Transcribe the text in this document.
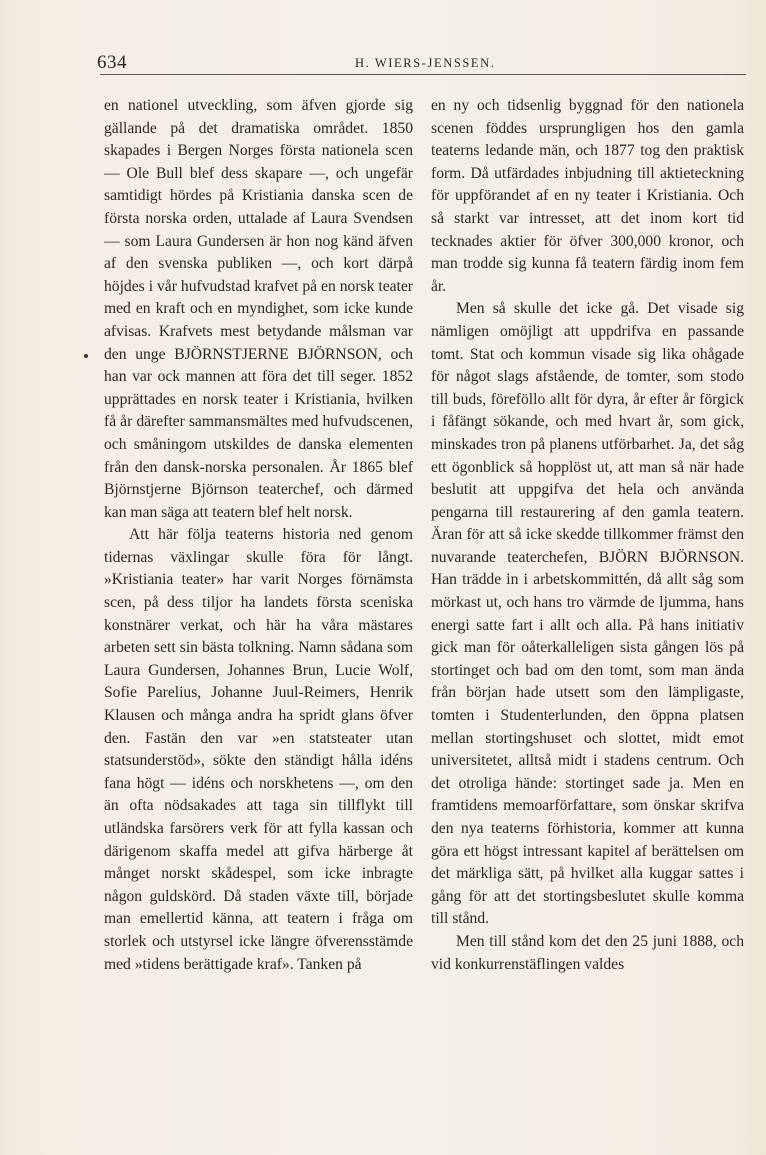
634	H. WIERS-JENSSEN.

en nationel utveckling, som äfven gjorde sig gällande på det dramatiska området. 1850 skapades i Bergen Norges första nationela scen — Ole Bull blef dess skapare —, och ungefär samtidigt hördes på Kristiania danska scen de första norska orden, uttalade af Laura Svendsen — som Laura Gundersen är hon nog känd äfven af den svenska publiken —, och kort därpå höjdes i vår hufvudstad krafvet på en norsk teater med en kraft och en myndighet, som icke kunde afvisas. Krafvets mest betydande målsman var den unge BJÖRNSTJERNE BJÖRNSON, och han var ock mannen att föra det till seger. 1852 upprättades en norsk teater i Kristiania, hvilken få år därefter sammansmältes med hufvudscenen, och småningom utskildes de danska elementen från den dansk-norska personalen. År 1865 blef Björnstjerne Björnson teaterchef, och därmed kan man säga att teatern blef helt norsk.

Att här följa teaterns historia ned genom tidernas växlingar skulle föra för långt. »Kristiania teater» har varit Norges förnämsta scen, på dess tiljor ha landets första sceniska konstnärer verkat, och här ha våra mästares arbeten sett sin bästa tolkning. Namn sådana som Laura Gundersen, Johannes Brun, Lucie Wolf, Sofie Parelius, Johanne Juul-Reimers, Henrik Klausen och många andra ha spridt glans öfver den. Fastän den var »en statsteater utan statsunderstöd», sökte den ständigt hålla idéns fana högt — idéns och norskhetens —, om den än ofta nödsakades att taga sin tillflykt till utländska farsörers verk för att fylla kassan och därigenom skaffa medel att gifva härberge åt månget norskt skådespel, som icke inbragte någon guldskörd. Då staden växte till, började man emellertid känna, att teatern i fråga om storlek och utstyrsel icke längre öfverensstämde med »tidens berättigade kraf». Tanken på

en ny och tidsenlig byggnad för den nationela scenen föddes ursprungligen hos den gamla teaterns ledande män, och 1877 tog den praktisk form. Då utfärdades inbjudning till aktieteckning för uppförandet af en ny teater i Kristiania. Och så starkt var intresset, att det inom kort tid tecknades aktier för öfver 300,000 kronor, och man trodde sig kunna få teatern färdig inom fem år.

Men så skulle det icke gå. Det visade sig nämligen omöjligt att uppdrifva en passande tomt. Stat och kommun visade sig lika ohågade för något slags afstående, de tomter, som stodo till buds, föreföllo allt för dyra, år efter år förgick i fåfängt sökande, och med hvart år, som gick, minskades tron på planens utförbarhet. Ja, det såg ett ögonblick så hopplöst ut, att man så när hade beslutit att uppgifva det hela och använda pengarna till restaurering af den gamla teatern. Äran för att så icke skedde tillkommer främst den nuvarande teaterchefen, BJÖRN BJÖRNSON. Han trädde in i arbetskommittén, då allt såg som mörkast ut, och hans tro värmde de ljumma, hans energi satte fart i allt och alla. På hans initiativ gick man för oåterkalleligen sista gången lös på stortinget och bad om den tomt, som man ända från början hade utsett som den lämpligaste, tomten i Studenterlunden, den öppna platsen mellan stortingshuset och slottet, midt emot universitetet, alltså midt i stadens centrum. Och det otroliga hände: stortinget sade ja. Men en framtidens memoarförfattare, som önskar skrifva den nya teaterns förhistoria, kommer att kunna göra ett högst intressant kapitel af berättelsen om det märkliga sätt, på hvilket alla kuggar sattes i gång för att det stortingsbeslutet skulle komma till stånd.

Men till stånd kom det den 25 juni 1888, och vid konkurrenstäflingen valdes
